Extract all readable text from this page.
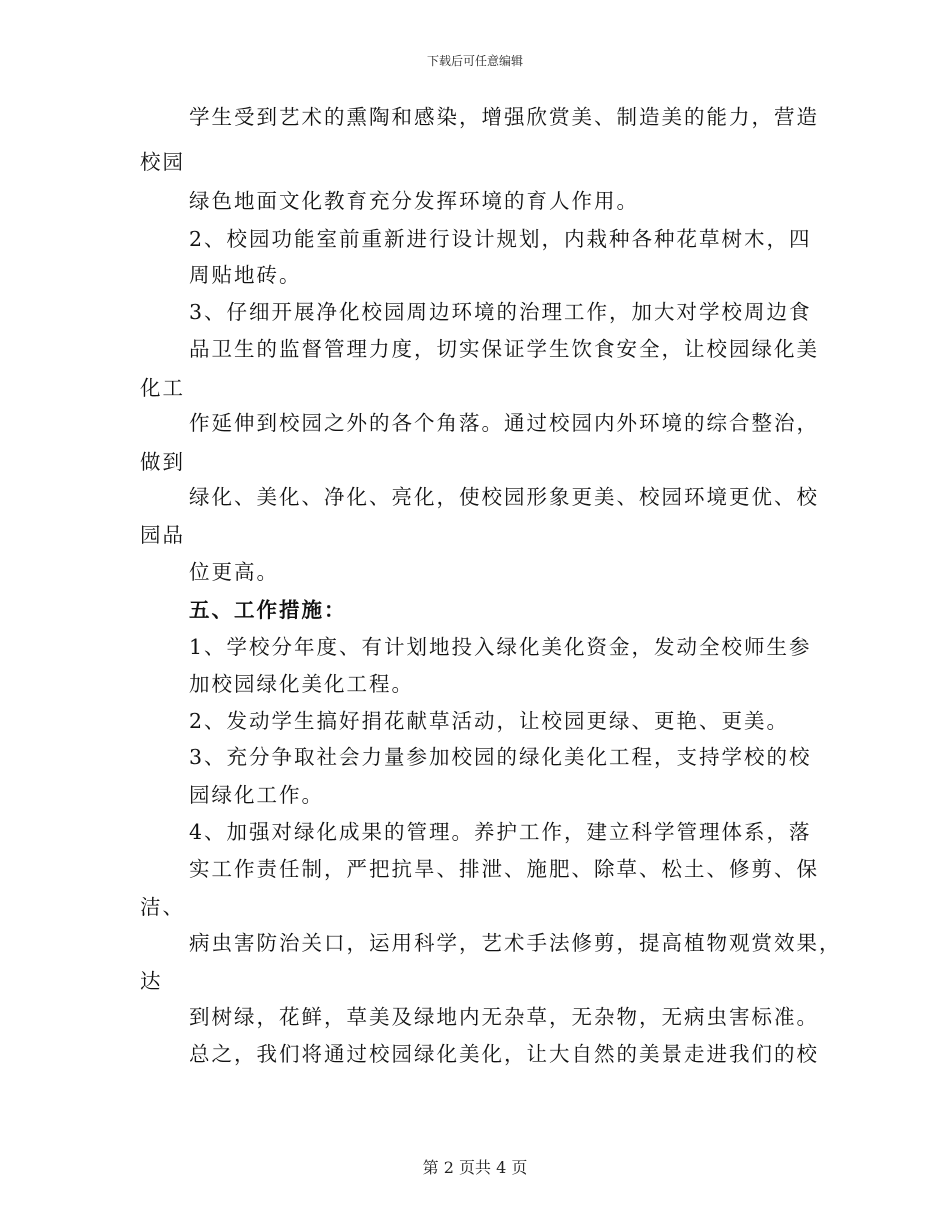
下载后可任意编辑
学生受到艺术的熏陶和感染，增强欣赏美、制造美的能力，营造
校园
绿色地面文化教育充分发挥环境的育人作用。
2、校园功能室前重新进行设计规划，内栽种各种花草树木，四
周贴地砖。
3、仔细开展净化校园周边环境的治理工作，加大对学校周边食
品卫生的监督管理力度，切实保证学生饮食安全，让校园绿化美
化工
作延伸到校园之外的各个角落。通过校园内外环境的综合整治，
做到
绿化、美化、净化、亮化，使校园形象更美、校园环境更优、校
园品
位更高。
五、工作措施：
1、学校分年度、有计划地投入绿化美化资金，发动全校师生参
加校园绿化美化工程。
2、发动学生搞好捐花献草活动，让校园更绿、更艳、更美。
3、充分争取社会力量参加校园的绿化美化工程，支持学校的校
园绿化工作。
4、加强对绿化成果的管理。养护工作，建立科学管理体系，落
实工作责任制，严把抗旱、排泄、施肥、除草、松土、修剪、保
洁、
病虫害防治关口，运用科学，艺术手法修剪，提高植物观赏效果，
达
到树绿，花鲜，草美及绿地内无杂草，无杂物，无病虫害标准。
总之，我们将通过校园绿化美化，让大自然的美景走进我们的校
第 2 页共 4 页
